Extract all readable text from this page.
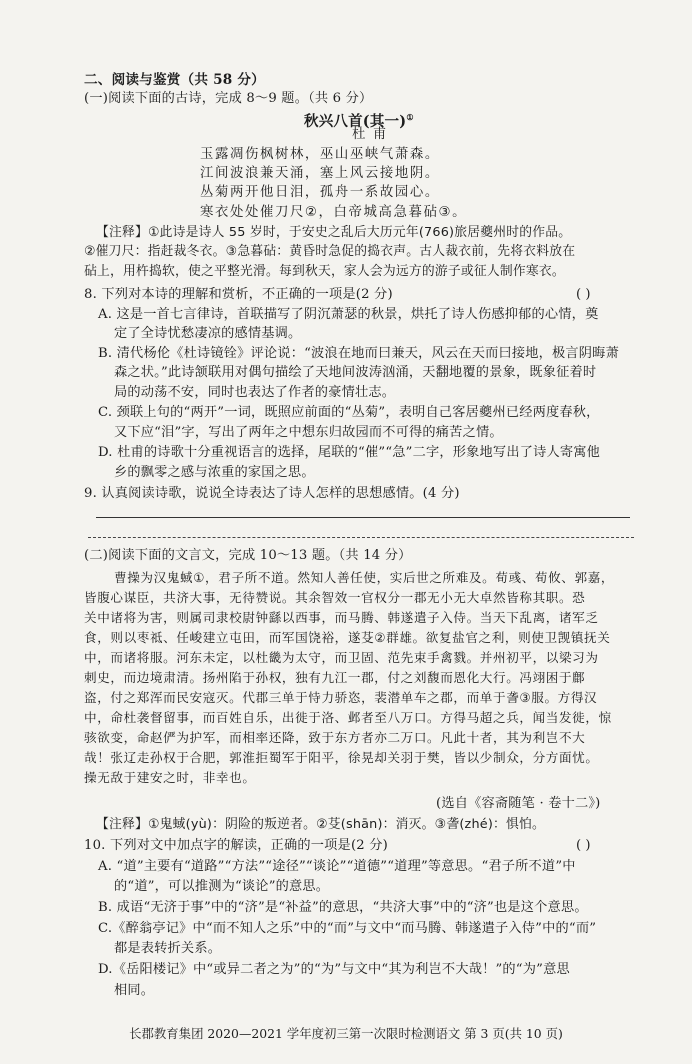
二、阅读与鉴赏（共 58 分）
(一)阅读下面的古诗，完成 8～9 题。（共 6 分）
秋兴八首(其一)①
杜 甫
玉露凋伤枫树林，巫山巫峡气萧森。
江间波浪兼天涌，塞上风云接地阴。
丛菊两开他日泪，孤舟一系故园心。
寒衣处处催刀尺②，白帝城高急暮砧③。
【注释】①此诗是诗人 55 岁时，于安史之乱后大历元年(766)旅居夔州时的作品。
②催刀尺：指赶裁冬衣。③急暮砧：黄昏时急促的捣衣声。古人裁衣前，先将衣料放在
砧上，用杵捣软，使之平整光滑。每到秋天，家人会为远方的游子或征人制作寒衣。
8. 下列对本诗的理解和赏析，不正确的一项是(2 分)	( )
A. 这是一首七言律诗，首联描写了阴沉萧瑟的秋景，烘托了诗人伤感抑郁的心情，奠
定了全诗忧愁凄凉的感情基调。
B. 清代杨伦《杜诗镜铨》评论说：“波浪在地而曰兼天，风云在天而曰接地，极言阴晦萧
森之状。”此诗颔联用对偶句描绘了天地间波涛汹涌，天翻地覆的景象，既象征着时
局的动荡不安，同时也表达了作者的豪情壮志。
C. 颈联上句的“两开”一词，既照应前面的“丛菊”，表明自己客居夔州已经两度春秋，
又下应“泪”字，写出了两年之中想东归故园而不可得的痛苦之情。
D. 杜甫的诗歌十分重视语言的选择，尾联的“催”“急”二字，形象地写出了诗人寄寓他
乡的飘零之感与浓重的家国之思。
9. 认真阅读诗歌，说说全诗表达了诗人怎样的思想感情。(4 分)
(二)阅读下面的文言文，完成 10～13 题。（共 14 分）
曹操为汉鬼蜮①，君子所不道。然知人善任使，实后世之所难及。荀彧、荀攸、郭嘉，
皆腹心谋臣，共济大事，无待赞说。其余智效一官权分一郡无小无大卓然皆称其职。恐
关中诸将为害，则属司隶校尉钟繇以西事，而马腾、韩遂遣子入侍。当天下乱离，诸军乏
食，则以枣祗、任峻建立屯田，而军国饶裕，遂芟②群雄。欲复盐官之利，则使卫觊镇抚关
中，而诸将服。河东未定，以杜畿为太守，而卫固、范先束手禽戮。并州初平，以梁习为
刺史，而边境肃清。扬州陷于孙权，独有九江一郡，付之刘馥而恩化大行。冯翊困于鄜
盗，付之郑浑而民安寇灭。代郡三单于恃力骄恣，裴潜单车之郡，而单于詟③服。方得汉
中，命杜袭督留事，而百姓自乐，出徙于洛、邺者至八万口。方得马超之兵，闻当发徙，惊
骇欲变，命赵俨为护军，而相率还降，致于东方者亦二万口。凡此十者，其为利岂不大
哉！张辽走孙权于合肥，郭淮拒蜀军于阳平，徐晃却关羽于樊，皆以少制众，分方面忧。
操无敌于建安之时，非幸也。
(选自《容斋随笔 · 卷十二》)
【注释】①鬼蜮(yù)：阴险的叛逆者。②芟(shān)：消灭。③詟(zhé)：惧怕。
10. 下列对文中加点字的解读，正确的一项是(2 分)	( )
A. “道”主要有“道路”“方法”“途径”“谈论”“道德”“道理”等意思。“君子所不道”中
的“道”，可以推测为“谈论”的意思。
B. 成语“无济于事”中的“济”是“补益”的意思，“共济大事”中的“济”也是这个意思。
C.《醉翁亭记》中“而不知人之乐”中的“而”与文中“而马腾、韩遂遣子入侍”中的“而”
都是表转折关系。
D.《岳阳楼记》中“或异二者之为”的“为”与文中“其为利岂不大哉！”的“为”意思
相同。
长郡教育集团 2020—2021 学年度初三第一次限时检测语文 第 3 页(共 10 页)
